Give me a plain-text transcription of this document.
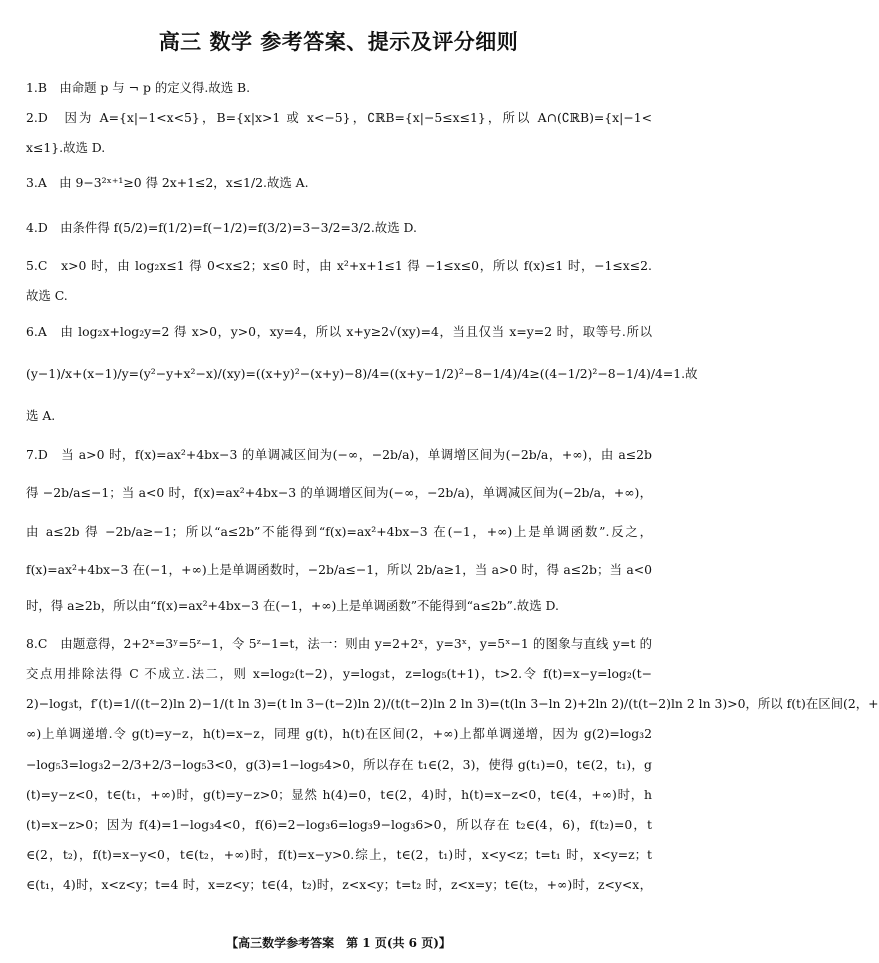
高三 数学 参考答案、提示及评分细则
1.B　由命题 p 与 ¬ p 的定义得.故选 B.
2.D　因为 A={x|−1<x<5}，B={x|x>1 或 x<−5}，∁ℝB={x|−5≤x≤1}，所以 A∩(∁ℝB)={x|−1<
x≤1}.故选 D.
3.A　由 9−3²ˣ⁺¹≥0 得 2x+1≤2，x≤1/2.故选 A.
4.D　由条件得 f(5/2)=f(1/2)=f(−1/2)=f(3/2)=3−3/2=3/2.故选 D.
5.C　x>0 时，由 log₂x≤1 得 0<x≤2；x≤0 时，由 x²+x+1≤1 得 −1≤x≤0，所以 f(x)≤1 时，−1≤x≤2.
故选 C.
6.A　由 log₂x+log₂y=2 得 x>0，y>0，xy=4，所以 x+y≥2√(xy)=4，当且仅当 x=y=2 时，取等号.所以
(y−1)/x+(x−1)/y=(y²−y+x²−x)/(xy)=((x+y)²−(x+y)−8)/4=((x+y−1/2)²−8−1/4)/4≥((4−1/2)²−8−1/4)/4=1.故
选 A.
7.D　当 a>0 时，f(x)=ax²+4bx−3 的单调减区间为(−∞，−2b/a)，单调增区间为(−2b/a，+∞)，由 a≤2b
得 −2b/a≤−1；当 a<0 时，f(x)=ax²+4bx−3 的单调增区间为(−∞，−2b/a)，单调减区间为(−2b/a，+∞)，
由 a≤2b 得 −2b/a≥−1；所以“a≤2b”不能得到“f(x)=ax²+4bx−3 在(−1，+∞)上是单调函数”.反之，
f(x)=ax²+4bx−3 在(−1，+∞)上是单调函数时，−2b/a≤−1，所以 2b/a≥1，当 a>0 时，得 a≤2b；当 a<0
时，得 a≥2b，所以由“f(x)=ax²+4bx−3 在(−1，+∞)上是单调函数”不能得到“a≤2b”.故选 D.
8.C　由题意得，2+2ˣ=3ʸ=5ᶻ−1，令 5ᶻ−1=t，法一：则由 y=2+2ˣ，y=3ˣ，y=5ˣ−1 的图象与直线 y=t 的
交点用排除法得 C 不成立.法二，则 x=log₂(t−2)，y=log₃t，z=log₅(t+1)，t>2.令 f(t)=x−y=log₂(t−
2)−log₃t，f′(t)=1/((t−2)ln 2)−1/(t ln 3)=(t ln 3−(t−2)ln 2)/(t(t−2)ln 2 ln 3)=(t(ln 3−ln 2)+2ln 2)/(t(t−2)ln 2 ln 3)>0，所以 f(t)在区间(2，+
∞)上单调递增.令 g(t)=y−z，h(t)=x−z，同理 g(t)，h(t)在区间(2，+∞)上都单调递增，因为 g(2)=log₃2
−log₅3=log₃2−2/3+2/3−log₅3<0，g(3)=1−log₅4>0，所以存在 t₁∈(2，3)，使得 g(t₁)=0，t∈(2，t₁)，g
(t)=y−z<0，t∈(t₁，+∞)时，g(t)=y−z>0；显然 h(4)=0，t∈(2，4)时，h(t)=x−z<0，t∈(4，+∞)时，h
(t)=x−z>0；因为 f(4)=1−log₃4<0，f(6)=2−log₃6=log₃9−log₃6>0，所以存在 t₂∈(4，6)，f(t₂)=0，t
∈(2，t₂)，f(t)=x−y<0，t∈(t₂，+∞)时，f(t)=x−y>0.综上，t∈(2，t₁)时，x<y<z；t=t₁ 时，x<y=z；t
∈(t₁，4)时，x<z<y；t=4 时，x=z<y；t∈(4，t₂)时，z<x<y；t=t₂ 时，z<x=y；t∈(t₂，+∞)时，z<y<x，
【高三数学参考答案　第 1 页(共 6 页)】
